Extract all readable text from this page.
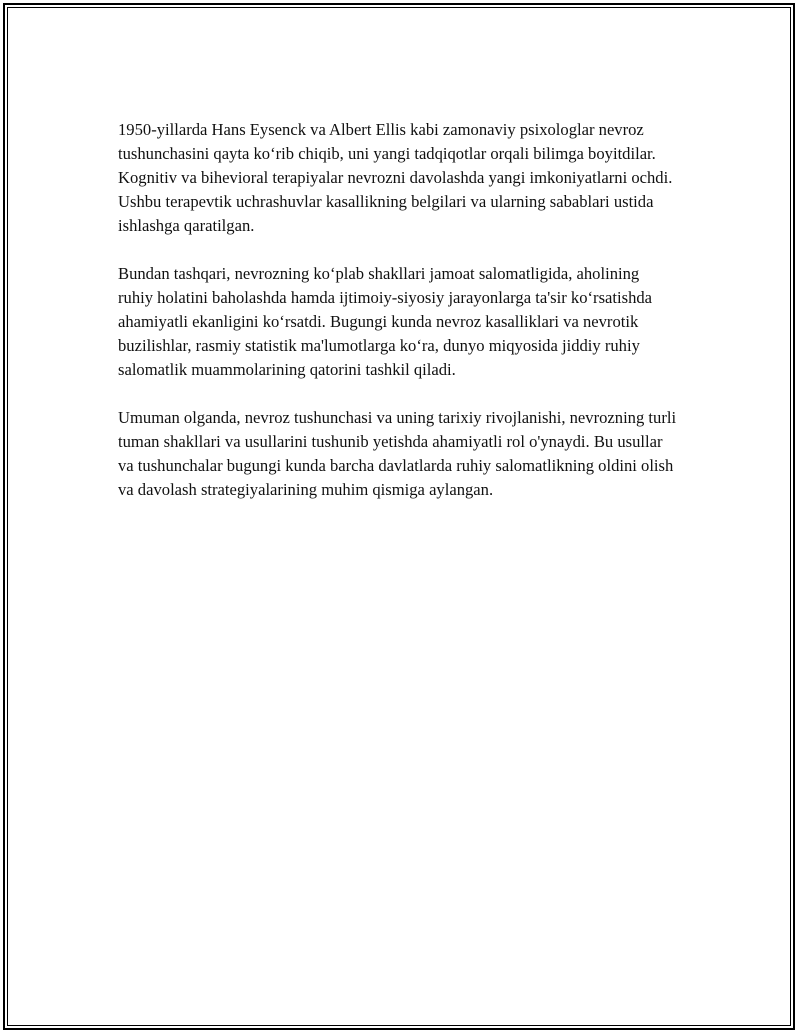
1950-yillarda Hans Eysenck va Albert Ellis kabi zamonaviy psixologlar nevroz tushunchasini qayta ko‘rib chiqib, uni yangi tadqiqotlar orqali bilimga boyitdilar. Kognitiv va bihevioral terapiyalar nevrozni davolashda yangi imkoniyatlarni ochdi. Ushbu terapevtik uchrashuvlar kasallikning belgilari va ularning sabablari ustida ishlashga qaratilgan.

Bundan tashqari, nevrozning ko‘plab shakllari jamoat salomatligida, aholining ruhiy holatini baholashda hamda ijtimoiy-siyosiy jarayonlarga ta'sir ko‘rsatishda ahamiyatli ekanligini ko‘rsatdi. Bugungi kunda nevroz kasalliklari va nevrotik buzilishlar, rasmiy statistik ma'lumotlarga ko‘ra, dunyo miqyosida jiddiy ruhiy salomatlik muammolarining qatorini tashkil qiladi.

Umuman olganda, nevroz tushunchasi va uning tarixiy rivojlanishi, nevrozning turli tuman shakllari va usullarini tushunib yetishda ahamiyatli rol o'ynaydi. Bu usullar va tushunchalar bugungi kunda barcha davlatlarda ruhiy salomatlikning oldini olish va davolash strategiyalarining muhim qismiga aylangan.
